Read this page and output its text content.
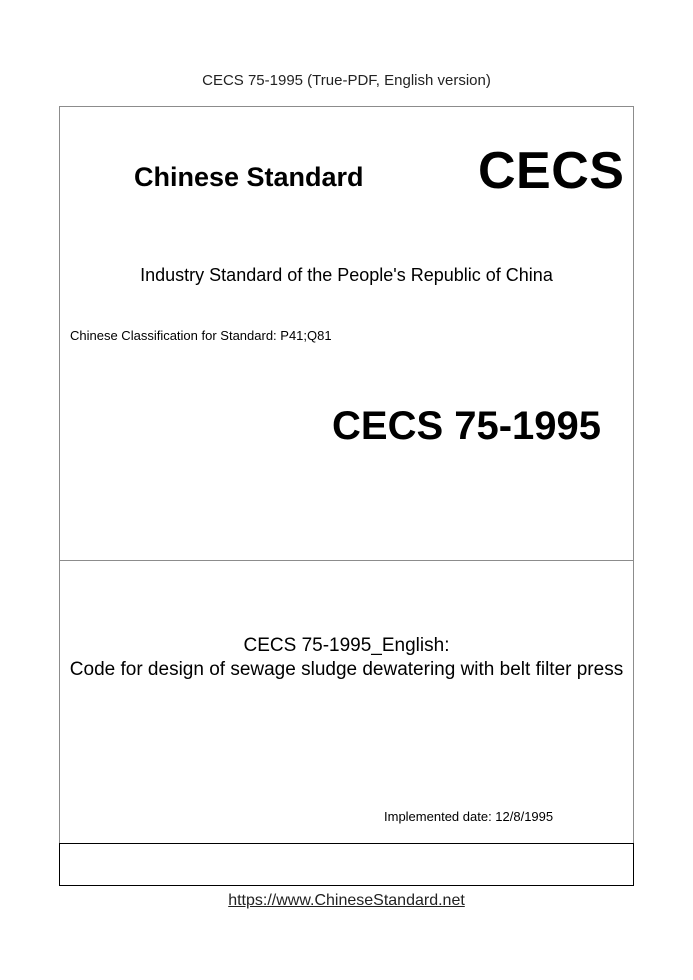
CECS 75-1995 (True-PDF, English version)
Chinese Standard CECS
Industry Standard of the People's Republic of China
Chinese Classification for Standard: P41;Q81
CECS 75-1995
CECS 75-1995_English:
Code for design of sewage sludge dewatering with belt filter press
Implemented date: 12/8/1995
https://www.ChineseStandard.net
